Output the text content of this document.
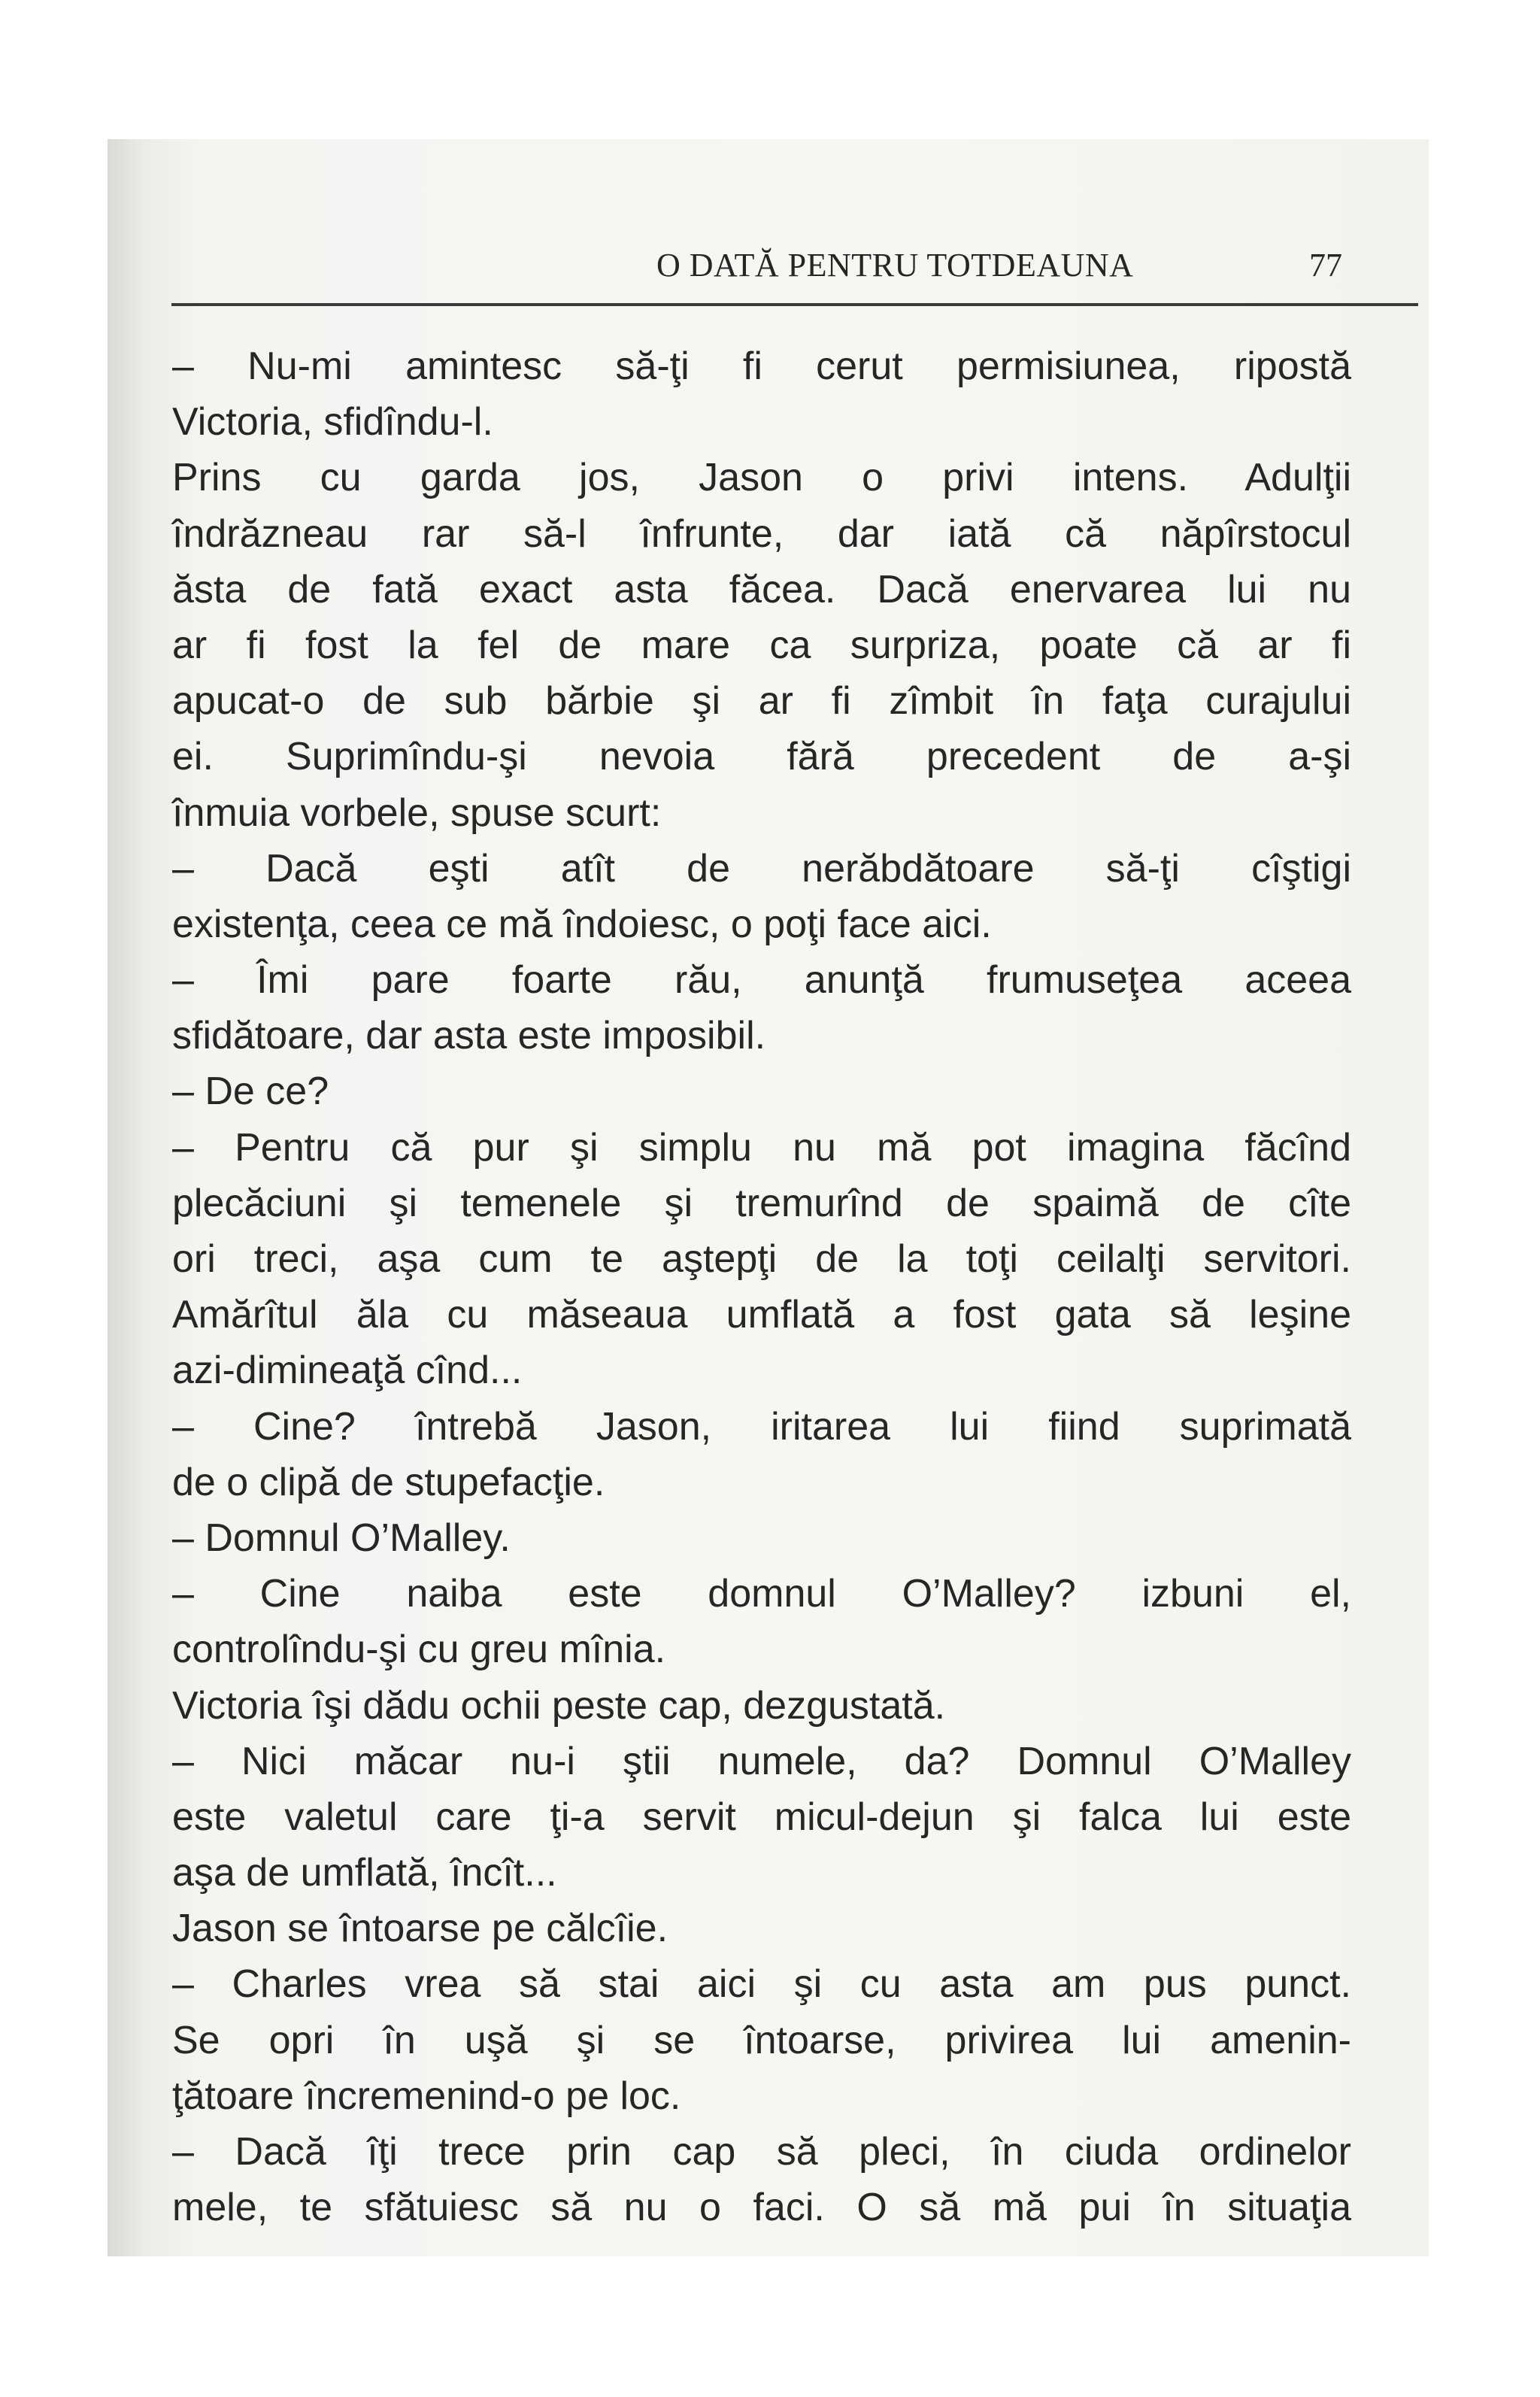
O DATĂ PENTRU TOTDEAUNA	77
– Nu-mi amintesc să-ţi fi cerut permisiunea, ripostă
Victoria, sfidîndu-l.
Prins cu garda jos, Jason o privi intens. Adulţii
îndrăzneau rar să-l înfrunte, dar iată că năpîrstocul
ăsta de fată exact asta făcea. Dacă enervarea lui nu
ar fi fost la fel de mare ca surpriza, poate că ar fi
apucat-o de sub bărbie şi ar fi zîmbit în faţa curajului
ei. Suprimîndu-şi nevoia fără precedent de a-şi
înmuia vorbele, spuse scurt:
– Dacă eşti atît de nerăbdătoare să-ţi cîştigi
existenţa, ceea ce mă îndoiesc, o poţi face aici.
– Îmi pare foarte rău, anunţă frumuseţea aceea
sfidătoare, dar asta este imposibil.
– De ce?
– Pentru că pur şi simplu nu mă pot imagina făcînd
plecăciuni şi temenele şi tremurînd de spaimă de cîte
ori treci, aşa cum te aştepţi de la toţi ceilalţi servitori.
Amărîtul ăla cu măseaua umflată a fost gata să leşine
azi-dimineaţă cînd...
– Cine? întrebă Jason, iritarea lui fiind suprimată
de o clipă de stupefacţie.
– Domnul O’Malley.
– Cine naiba este domnul O’Malley? izbuni el,
controlîndu-şi cu greu mînia.
Victoria îşi dădu ochii peste cap, dezgustată.
– Nici măcar nu-i ştii numele, da? Domnul O’Malley
este valetul care ţi-a servit micul-dejun şi falca lui este
aşa de umflată, încît...
Jason se întoarse pe călcîie.
– Charles vrea să stai aici şi cu asta am pus punct.
Se opri în uşă şi se întoarse, privirea lui amenin-
ţătoare încremenind-o pe loc.
– Dacă îţi trece prin cap să pleci, în ciuda ordinelor
mele, te sfătuiesc să nu o faci. O să mă pui în situaţia
